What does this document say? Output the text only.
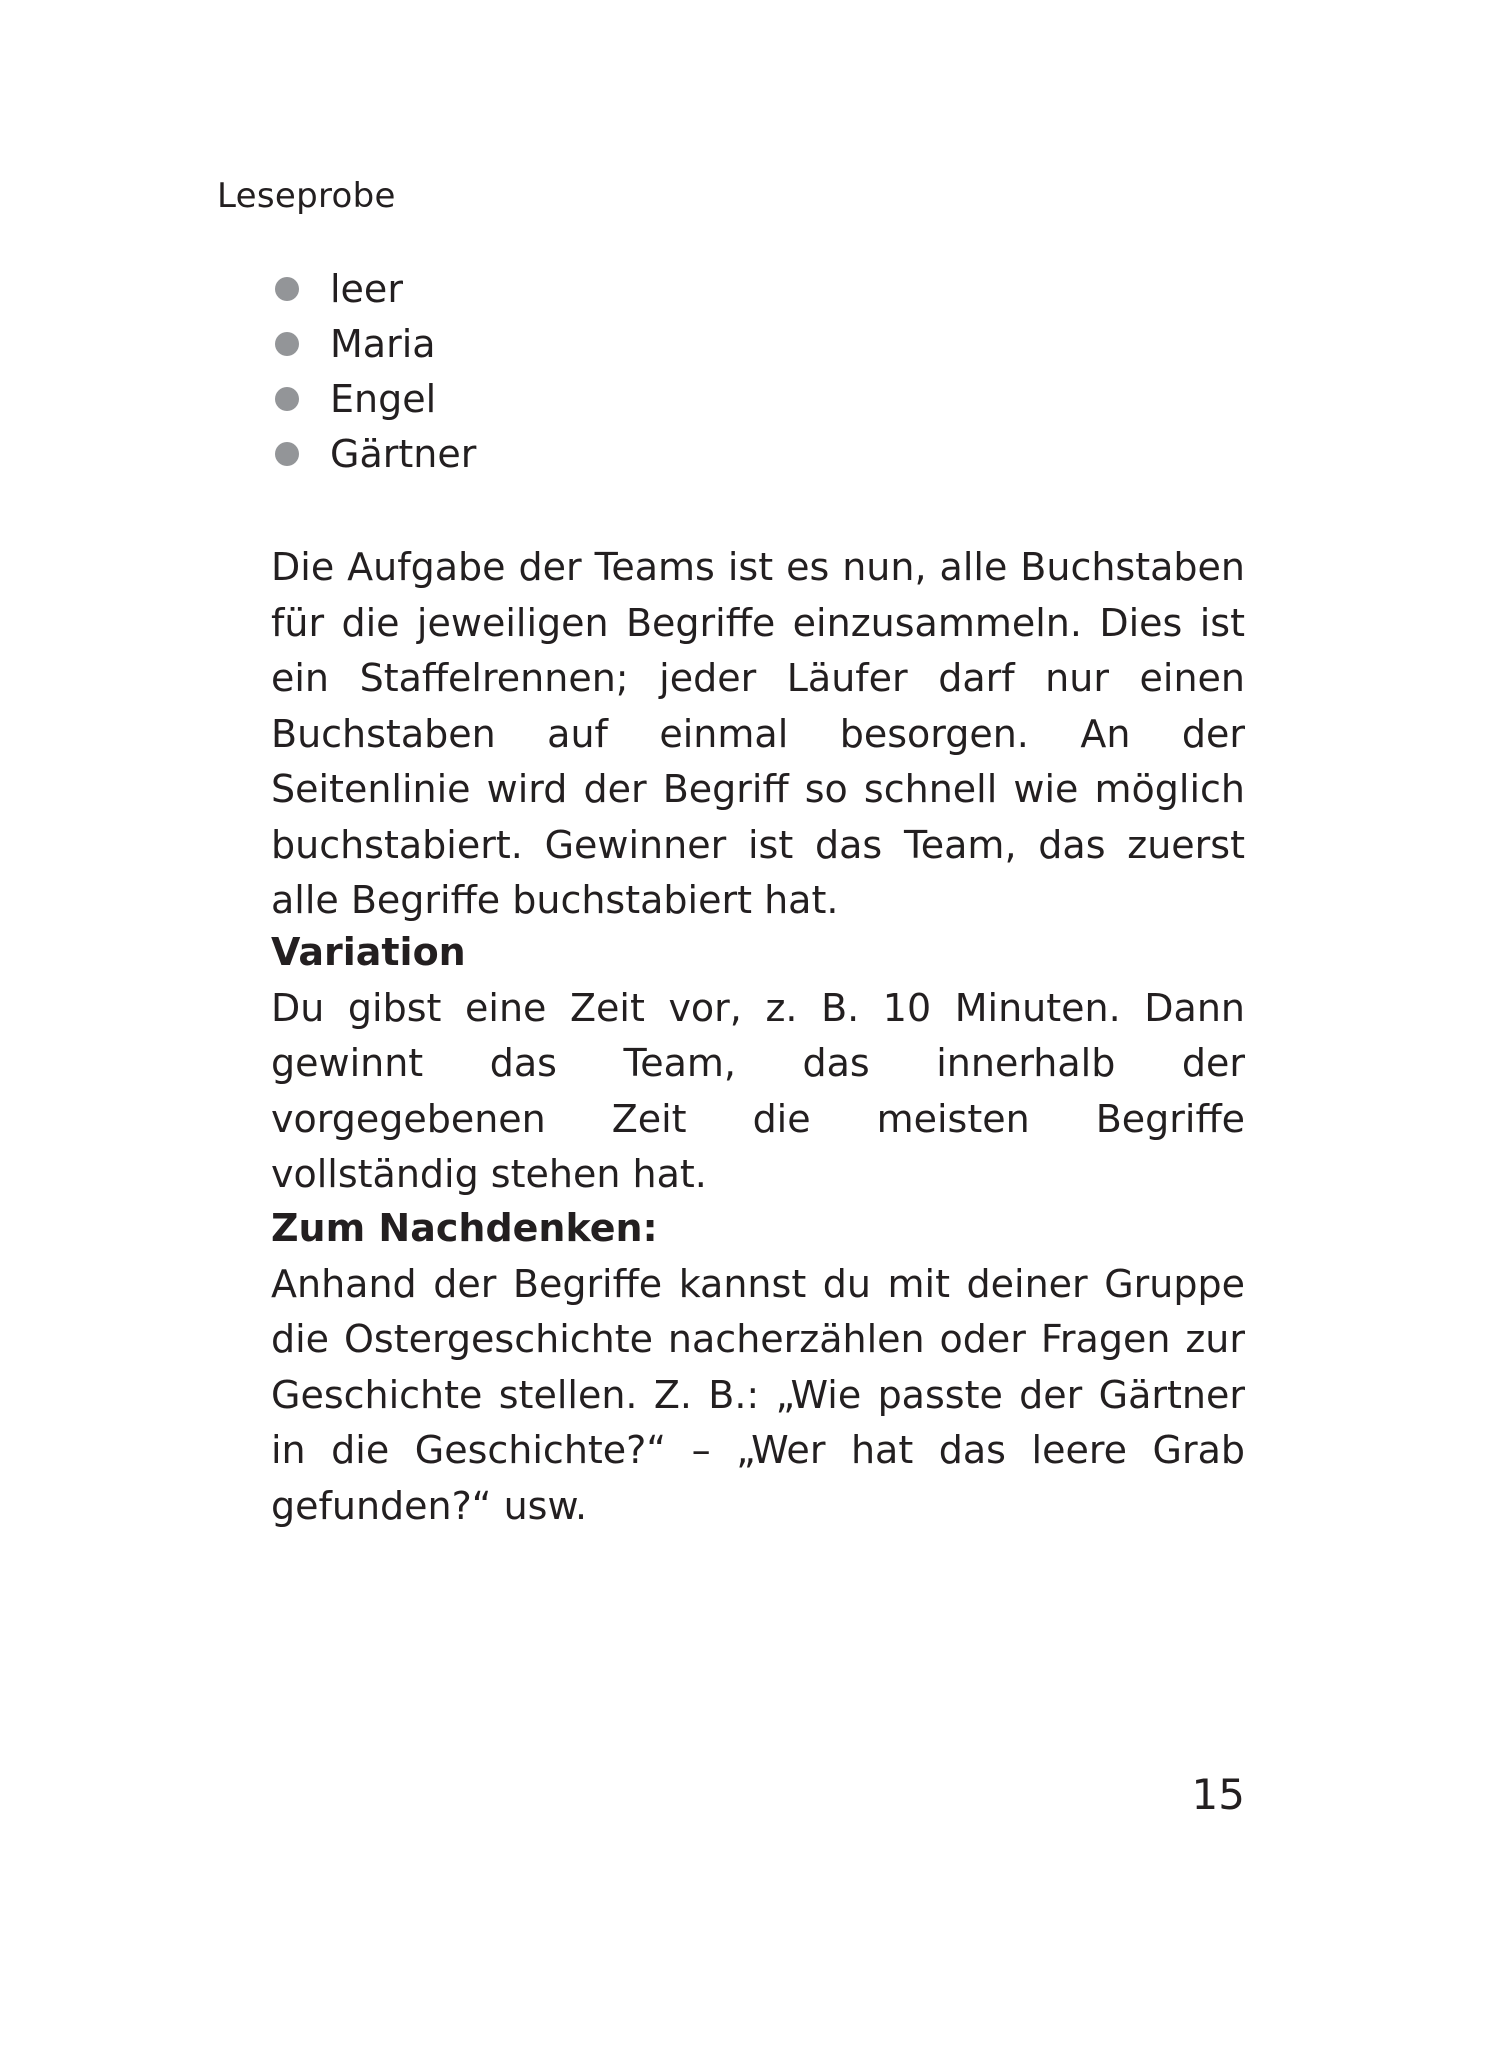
Leseprobe
leer
Maria
Engel
Gärtner

Die Aufgabe der Teams ist es nun, alle Buchstaben für die jeweiligen Begriffe einzusammeln. Dies ist ein Staffelrennen; jeder Läufer darf nur einen Buchstaben auf einmal besorgen. An der Seitenlinie wird der Begriff so schnell wie möglich buchstabiert. Gewinner ist das Team, das zuerst alle Begriffe buchstabiert hat.

Variation

Du gibst eine Zeit vor, z. B. 10 Minuten. Dann gewinnt das Team, das innerhalb der vorgegebenen Zeit die meisten Begriffe vollständig stehen hat.

Zum Nachdenken:

Anhand der Begriffe kannst du mit deiner Gruppe die Ostergeschichte nacherzählen oder Fragen zur Geschichte stellen. Z. B.: „Wie passte der Gärtner in die Geschichte?“ – „Wer hat das leere Grab gefunden?“ usw.

15
